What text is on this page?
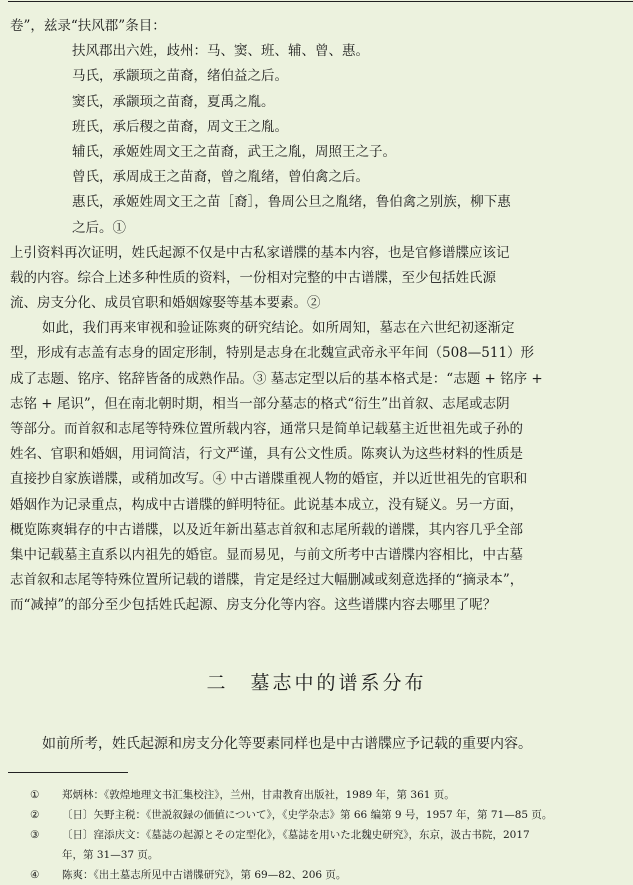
卷”，兹录“扶风郡”条目：
扶风郡出六姓，歧州：马、窦、班、辅、曾、惠。
马氏，承颛顼之苗裔，绪伯益之后。
窦氏，承颛顼之苗裔，夏禹之胤。
班氏，承后稷之苗裔，周文王之胤。
辅氏，承姬姓周文王之苗裔，武王之胤，周照王之子。
曾氏，承周成王之苗裔，曾之胤绪，曾伯禽之后。
惠氏，承姬姓周文王之苗［裔］，鲁周公旦之胤绪，鲁伯禽之别族，柳下惠
之后。①
上引资料再次证明，姓氏起源不仅是中古私家谱牒的基本内容，也是官修谱牒应该记
载的内容。综合上述多种性质的资料，一份相对完整的中古谱牒，至少包括姓氏源
流、房支分化、成员官职和婚姻嫁娶等基本要素。②
如此，我们再来审视和验证陈爽的研究结论。如所周知，墓志在六世纪初逐渐定
型，形成有志盖有志身的固定形制，特别是志身在北魏宣武帝永平年间（508—511）形
成了志题、铭序、铭辞皆备的成熟作品。③ 墓志定型以后的基本格式是：“志题 + 铭序 +
志铭 + 尾识”，但在南北朝时期，相当一部分墓志的格式“衍生”出首叙、志尾或志阴
等部分。而首叙和志尾等特殊位置所载内容，通常只是简单记载墓主近世祖先或子孙的
姓名、官职和婚姻，用词简洁，行文严谨，具有公文性质。陈爽认为这些材料的性质是
直接抄自家族谱牒，或稍加改写。④ 中古谱牒重视人物的婚宦，并以近世祖先的官职和
婚姻作为记录重点，构成中古谱牒的鲜明特征。此说基本成立，没有疑义。另一方面，
概览陈爽辑存的中古谱牒，以及近年新出墓志首叙和志尾所载的谱牒，其内容几乎全部
集中记载墓主直系以内祖先的婚宦。显而易见，与前文所考中古谱牒内容相比，中古墓
志首叙和志尾等特殊位置所记载的谱牒，肯定是经过大幅删减或刻意选择的“摘录本”，
而“减掉”的部分至少包括姓氏起源、房支分化等内容。这些谱牒内容去哪里了呢？
二　墓志中的谱系分布
如前所考，姓氏起源和房支分化等要素同样也是中古谱牒应予记载的重要内容。
① 郑炳林：《敦煌地理文书汇集校注》，兰州，甘肃教育出版社，1989 年，第 361 页。
② 〔日〕矢野主税：《世説叙録の価値について》，《史学杂志》第 66 编第 9 号，1957 年，第 71—85 页。
③ 〔日〕窪添庆文：《墓誌の起源とその定型化》，《墓誌を用いた北魏史研究》，东京，汲古书院，2017
年，第 31—37 页。
④ 陈爽：《出土墓志所见中古谱牒研究》，第 69—82、206 页。
